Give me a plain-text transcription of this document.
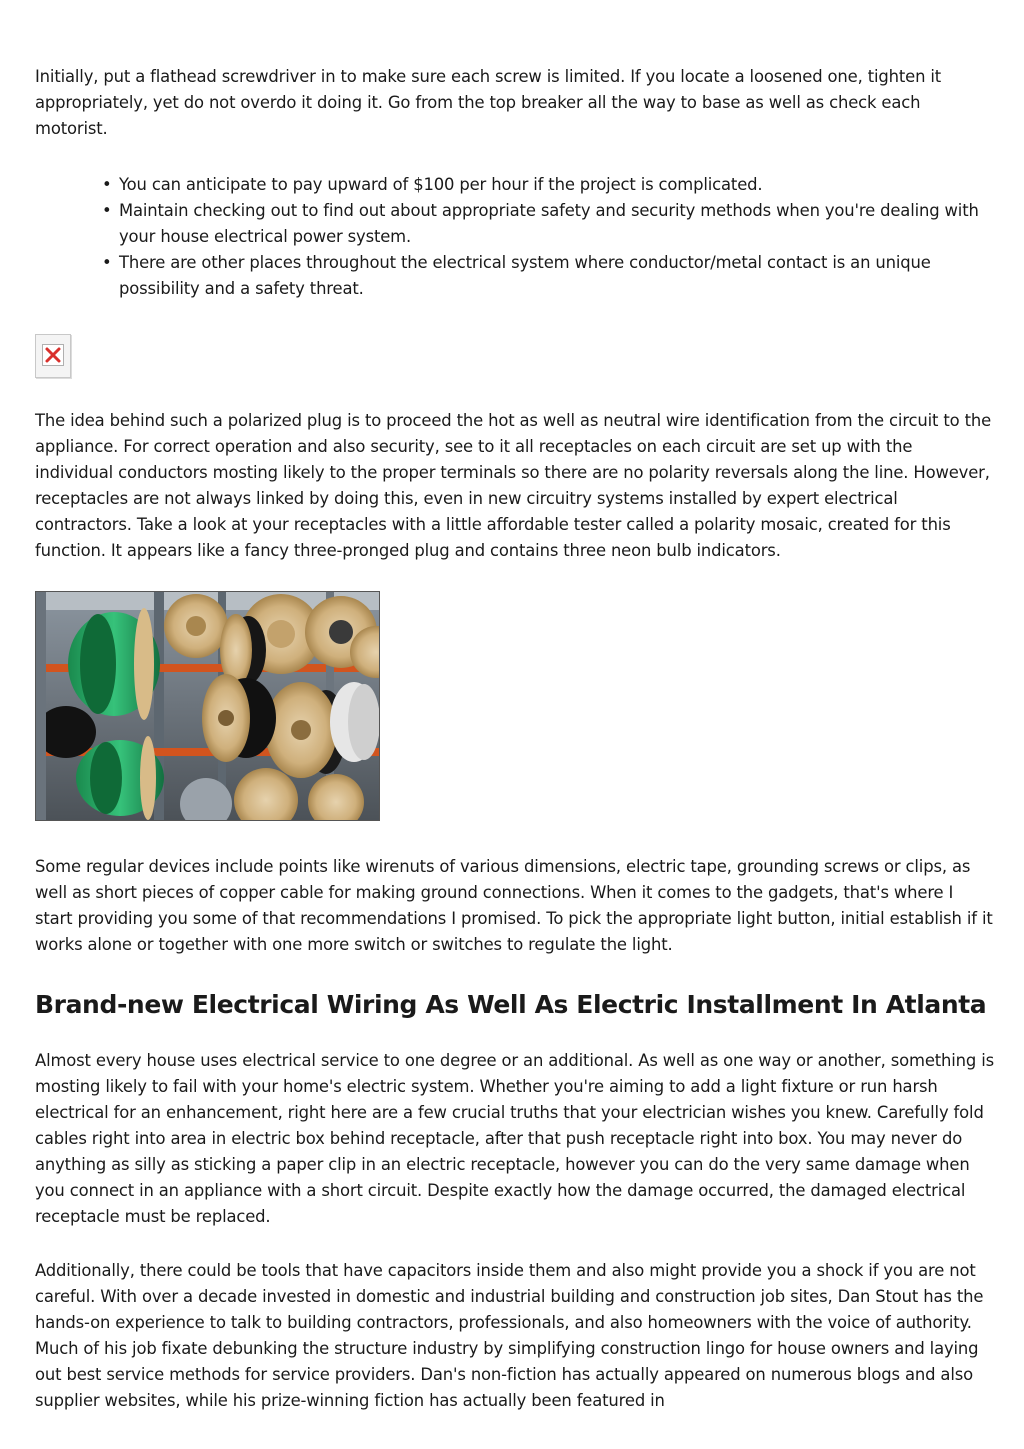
Initially, put a flathead screwdriver in to make sure each screw is limited. If you locate a loosened one, tighten it appropriately, yet do not overdo it doing it. Go from the top breaker all the way to base as well as check each motorist.

• You can anticipate to pay upward of $100 per hour if the project is complicated.
• Maintain checking out to find out about appropriate safety and security methods when you're dealing with your house electrical power system.
• There are other places throughout the electrical system where conductor/metal contact is an unique possibility and a safety threat.

The idea behind such a polarized plug is to proceed the hot as well as neutral wire identification from the circuit to the appliance. For correct operation and also security, see to it all receptacles on each circuit are set up with the individual conductors mosting likely to the proper terminals so there are no polarity reversals along the line. However, receptacles are not always linked by doing this, even in new circuitry systems installed by expert electrical contractors. Take a look at your receptacles with a little affordable tester called a polarity mosaic, created for this function. It appears like a fancy three-pronged plug and contains three neon bulb indicators.

Some regular devices include points like wirenuts of various dimensions, electric tape, grounding screws or clips, as well as short pieces of copper cable for making ground connections. When it comes to the gadgets, that's where I start providing you some of that recommendations I promised. To pick the appropriate light button, initial establish if it works alone or together with one more switch or switches to regulate the light.

Brand-new Electrical Wiring As Well As Electric Installment In Atlanta

Almost every house uses electrical service to one degree or an additional. As well as one way or another, something is mosting likely to fail with your home's electric system. Whether you're aiming to add a light fixture or run harsh electrical for an enhancement, right here are a few crucial truths that your electrician wishes you knew. Carefully fold cables right into area in electric box behind receptacle, after that push receptacle right into box. You may never do anything as silly as sticking a paper clip in an electric receptacle, however you can do the very same damage when you connect in an appliance with a short circuit. Despite exactly how the damage occurred, the damaged electrical receptacle must be replaced.

Additionally, there could be tools that have capacitors inside them and also might provide you a shock if you are not careful. With over a decade invested in domestic and industrial building and construction job sites, Dan Stout has the hands-on experience to talk to building contractors, professionals, and also homeowners with the voice of authority. Much of his job fixate debunking the structure industry by simplifying construction lingo for house owners and laying out best service methods for service providers. Dan's non-fiction has actually appeared on numerous blogs and also supplier websites, while his prize-winning fiction has actually been featured in
